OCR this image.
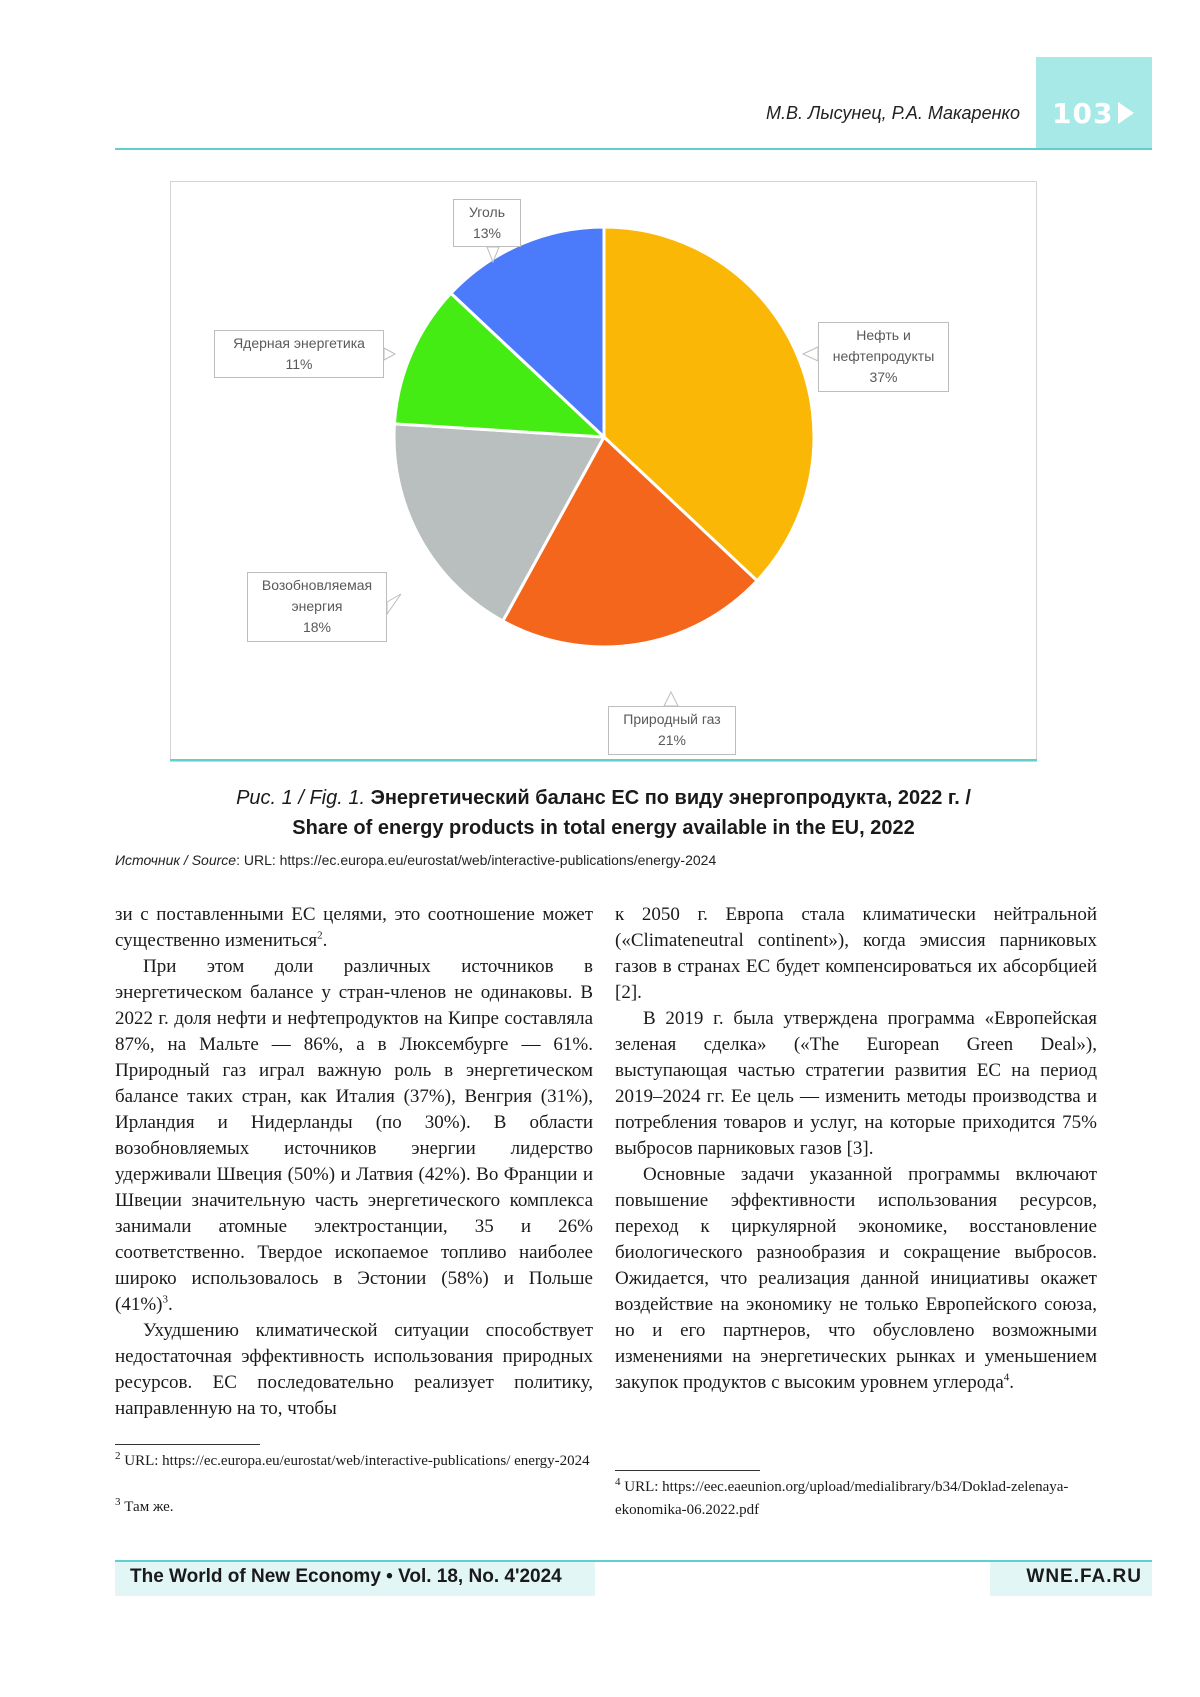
103
М.В. Лысунец, Р.А. Макаренко
Уголь
13%
Ядерная энергетика
11%
Нефть и
нефтепродукты
37%
Возобновляемая
энергия
18%
Природный газ
21%
Рис. 1 / Fig. 1. Энергетический баланс ЕС по виду энергопродукта, 2022 г. /
Share of energy products in total energy available in the EU, 2022
Источник / Source: URL: https://ec.europa.eu/eurostat/web/interactive-publications/energy-2024

зи с поставленными ЕС целями, это соотношение может существенно измениться$^2$.

При этом доли различных источников в энергетическом балансе у стран-членов не одинаковы. В 2022 г. доля нефти и нефтепродуктов на Кипре составляла 87%, на Мальте — 86%, а в Люксембурге — 61%. Природный газ играл важную роль в энергетическом балансе таких стран, как Италия (37%), Венгрия (31%), Ирландия и Нидерланды (по 30%). В области возобновляемых источников энергии лидерство удерживали Швеция (50%) и Латвия (42%). Во Франции и Швеции значительную часть энергетического комплекса занимали атомные электростанции, 35 и 26% соответственно. Твердое ископаемое топливо наиболее широко использовалось в Эстонии (58%) и Польше $(41\%)^3$.

Ухудшению климатической ситуации способствует недостаточная эффективность использования природных ресурсов. ЕС последовательно реализует политику, направленную на то, чтобы

к 2050 г. Европа стала климатически нейтральной («Climateneutral continent»), когда эмиссия парниковых газов в странах ЕС будет компенсироваться их абсорбцией [2].

В 2019 г. была утверждена программа «Европейская зеленая сделка» («The European Green Deal»), выступающая частью стратегии развития ЕС на период 2019–2024 гг. Ее цель — изменить методы производства и потребления товаров и услуг, на которые приходится 75% выбросов парниковых газов [3].

Основные задачи указанной программы включают повышение эффективности использования ресурсов, переход к циркулярной экономике, восстановление биологического разнообразия и сокращение выбросов. Ожидается, что реализация данной инициативы окажет воздействие на экономику не только Европейского союза, но и его партнеров, что обусловлено возможными изменениями на энергетических рынках и уменьшением закупок продуктов с высоким уровнем углерода$^4$.

$^2$ URL: https://ec.europa.eu/eurostat/web/interactive-publications/ energy-2024
$^3$ Там же.
$^4$ URL: https://eec.eaeunion.org/upload/medialibrary/b34/Doklad-zelenaya-ekonomika-06.2022.pdf
The World of New Economy • Vol. 18, No. 4'2024	WNE.FA.RU
